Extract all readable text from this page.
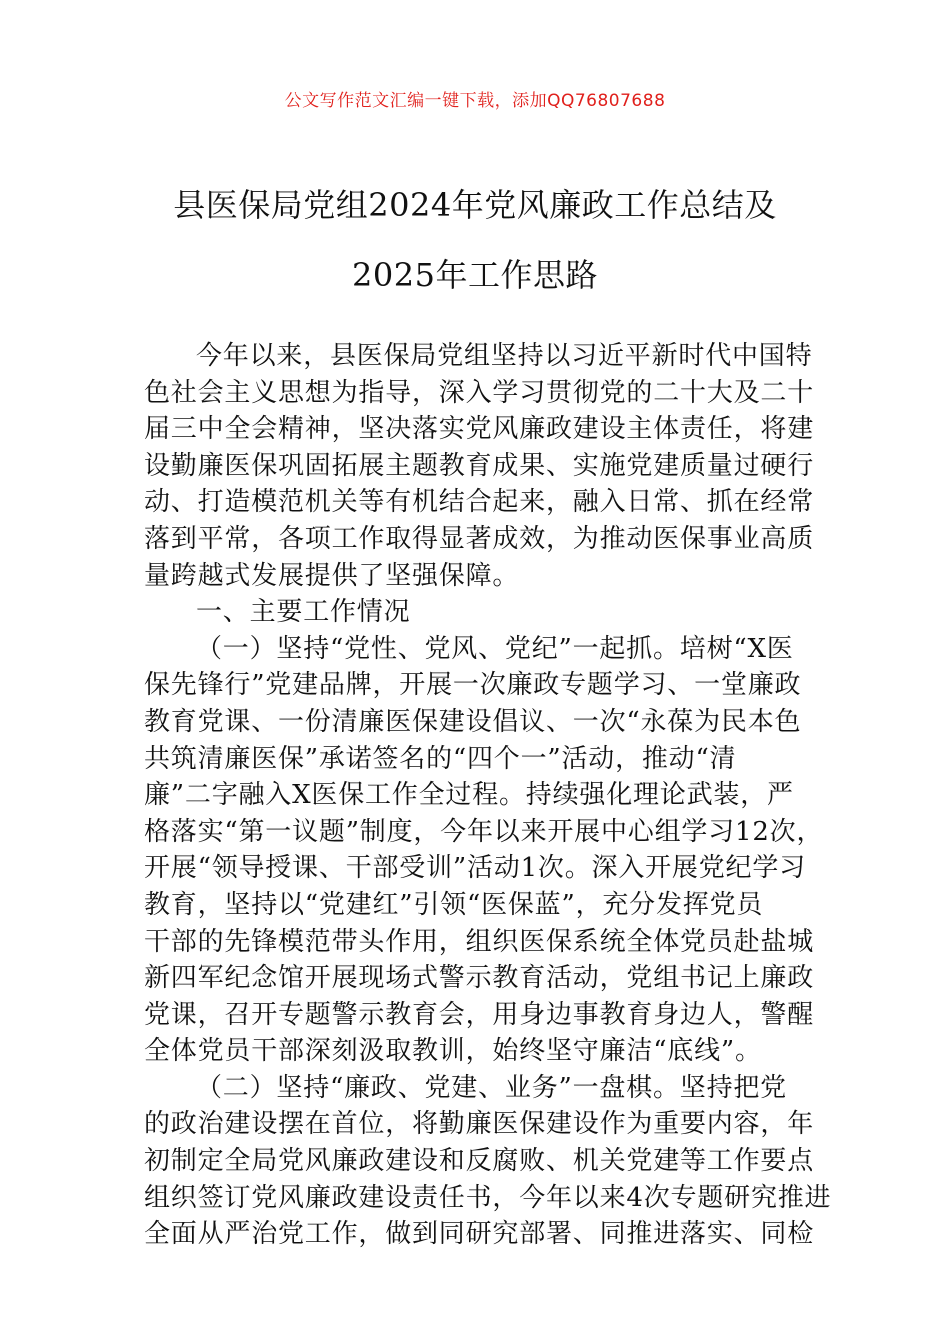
公文写作范文汇编一键下载，添加QQ76807688
县医保局党组2024年党风廉政工作总结及
2025年工作思路
今年以来，县医保局党组坚持以习近平新时代中国特
色社会主义思想为指导，深入学习贯彻党的二十大及二十
届三中全会精神，坚决落实党风廉政建设主体责任，将建
设勤廉医保巩固拓展主题教育成果、实施党建质量过硬行
动、打造模范机关等有机结合起来，融入日常、抓在经常
落到平常，各项工作取得显著成效，为推动医保事业高质
量跨越式发展提供了坚强保障。
一、主要工作情况
（一）坚持“党性、党风、党纪”一起抓。培树“X医
保先锋行”党建品牌，开展一次廉政专题学习、一堂廉政
教育党课、一份清廉医保建设倡议、一次“永葆为民本色
共筑清廉医保”承诺签名的“四个一”活动，推动“清
廉”二字融入X医保工作全过程。持续强化理论武装，严
格落实“第一议题”制度，今年以来开展中心组学习12次，
开展“领导授课、干部受训”活动1次。深入开展党纪学习
教育，坚持以“党建红”引领“医保蓝”，充分发挥党员
干部的先锋模范带头作用，组织医保系统全体党员赴盐城
新四军纪念馆开展现场式警示教育活动，党组书记上廉政
党课，召开专题警示教育会，用身边事教育身边人，警醒
全体党员干部深刻汲取教训，始终坚守廉洁“底线”。
（二）坚持“廉政、党建、业务”一盘棋。坚持把党
的政治建设摆在首位，将勤廉医保建设作为重要内容，年
初制定全局党风廉政建设和反腐败、机关党建等工作要点
组织签订党风廉政建设责任书，今年以来4次专题研究推进
全面从严治党工作，做到同研究部署、同推进落实、同检
